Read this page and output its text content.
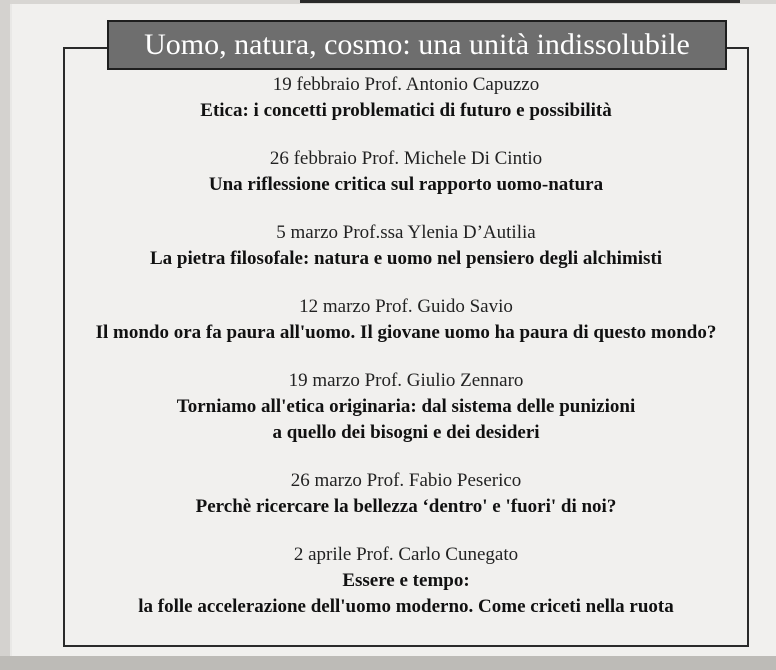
Uomo, natura, cosmo: una unità indissolubile
19 febbraio Prof. Antonio Capuzzo
Etica: i concetti problematici di futuro e possibilità
26 febbraio Prof. Michele Di Cintio
Una riflessione critica sul rapporto uomo-natura
5 marzo Prof.ssa Ylenia D’Autilia
La pietra filosofale: natura e uomo nel pensiero degli alchimisti
12 marzo Prof. Guido Savio
Il mondo ora fa paura all'uomo. Il giovane uomo ha paura di questo mondo?
19 marzo Prof. Giulio Zennaro
Torniamo all'etica originaria: dal sistema delle punizioni
a quello dei bisogni e dei desideri
26 marzo Prof. Fabio Peserico
Perchè ricercare la bellezza ‘dentro' e 'fuori' di noi?
2 aprile Prof. Carlo Cunegato
Essere e tempo:
la folle accelerazione dell'uomo moderno. Come criceti nella ruota
